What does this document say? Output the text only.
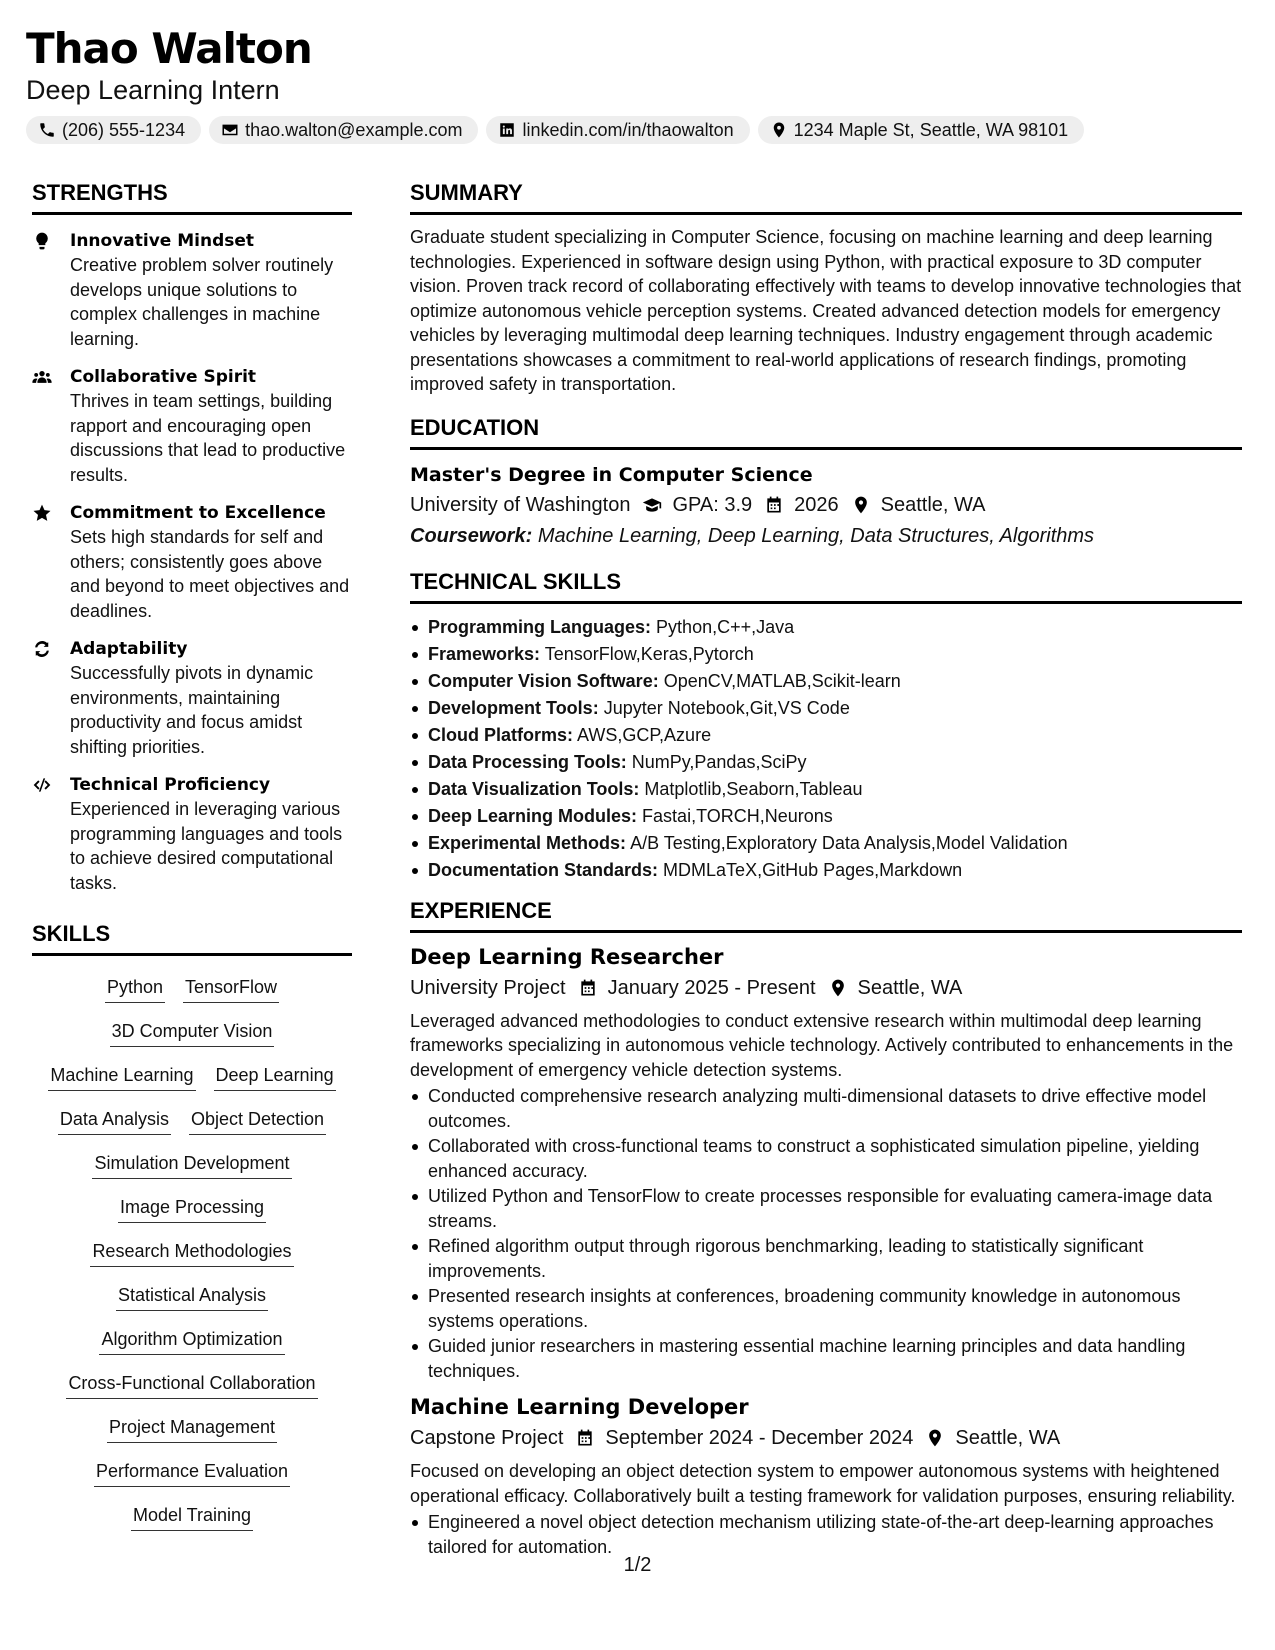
Thao Walton
Deep Learning Intern
(206) 555-1234	thao.walton@example.com	linkedin.com/in/thaowalton	1234 Maple St, Seattle, WA 98101
STRENGTHS
Innovative Mindset
Creative problem solver routinely develops unique solutions to complex challenges in machine learning.
Collaborative Spirit
Thrives in team settings, building rapport and encouraging open discussions that lead to productive results.
Commitment to Excellence
Sets high standards for self and others; consistently goes above and beyond to meet objectives and deadlines.
Adaptability
Successfully pivots in dynamic environments, maintaining productivity and focus amidst shifting priorities.
Technical Proficiency
Experienced in leveraging various programming languages and tools to achieve desired computational tasks.
SKILLS
Python TensorFlow
3D Computer Vision
Machine Learning Deep Learning
Data Analysis Object Detection
Simulation Development
Image Processing
Research Methodologies
Statistical Analysis
Algorithm Optimization
Cross-Functional Collaboration
Project Management
Performance Evaluation
Model Training
SUMMARY
Graduate student specializing in Computer Science, focusing on machine learning and deep learning technologies. Experienced in software design using Python, with practical exposure to 3D computer vision. Proven track record of collaborating effectively with teams to develop innovative technologies that optimize autonomous vehicle perception systems. Created advanced detection models for emergency vehicles by leveraging multimodal deep learning techniques. Industry engagement through academic presentations showcases a commitment to real-world applications of research findings, promoting improved safety in transportation.
EDUCATION
Master's Degree in Computer Science
University of Washington GPA: 3.9 2026 Seattle, WA
Coursework: Machine Learning, Deep Learning, Data Structures, Algorithms
TECHNICAL SKILLS
Programming Languages: Python,C++,Java
Frameworks: TensorFlow,Keras,Pytorch
Computer Vision Software: OpenCV,MATLAB,Scikit-learn
Development Tools: Jupyter Notebook,Git,VS Code
Cloud Platforms: AWS,GCP,Azure
Data Processing Tools: NumPy,Pandas,SciPy
Data Visualization Tools: Matplotlib,Seaborn,Tableau
Deep Learning Modules: Fastai,TORCH,Neurons
Experimental Methods: A/B Testing,Exploratory Data Analysis,Model Validation
Documentation Standards: MDMLaTeX,GitHub Pages,Markdown
EXPERIENCE
Deep Learning Researcher
University Project January 2025 - Present Seattle, WA
Leveraged advanced methodologies to conduct extensive research within multimodal deep learning frameworks specializing in autonomous vehicle technology. Actively contributed to enhancements in the development of emergency vehicle detection systems.
Conducted comprehensive research analyzing multi-dimensional datasets to drive effective model outcomes.
Collaborated with cross-functional teams to construct a sophisticated simulation pipeline, yielding enhanced accuracy.
Utilized Python and TensorFlow to create processes responsible for evaluating camera-image data streams.
Refined algorithm output through rigorous benchmarking, leading to statistically significant improvements.
Presented research insights at conferences, broadening community knowledge in autonomous systems operations.
Guided junior researchers in mastering essential machine learning principles and data handling techniques.
Machine Learning Developer
Capstone Project September 2024 - December 2024 Seattle, WA
Focused on developing an object detection system to empower autonomous systems with heightened operational efficacy. Collaboratively built a testing framework for validation purposes, ensuring reliability.
Engineered a novel object detection mechanism utilizing state-of-the-art deep-learning approaches tailored for automation.
1/2
